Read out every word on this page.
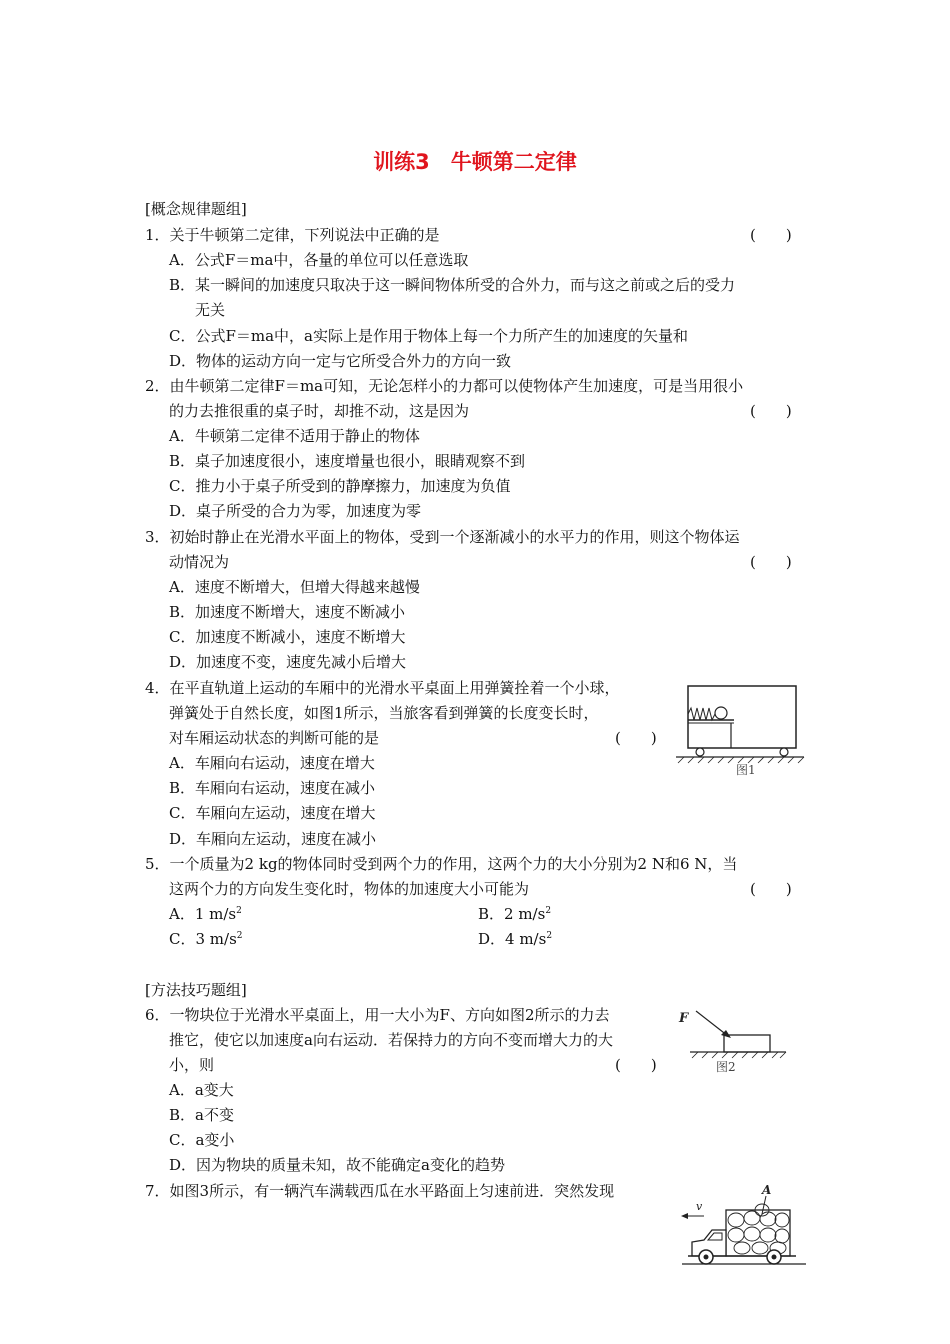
训练3　牛顿第二定律
[概念规律题组]
1．关于牛顿第二定律，下列说法中正确的是	(　　)
A．公式F＝ma中，各量的单位可以任意选取
B．某一瞬间的加速度只取决于这一瞬间物体所受的合外力，而与这之前或之后的受力
无关
C．公式F＝ma中，a实际上是作用于物体上每一个力所产生的加速度的矢量和
D．物体的运动方向一定与它所受合外力的方向一致
2．由牛顿第二定律F＝ma可知，无论怎样小的力都可以使物体产生加速度，可是当用很小
的力去推很重的桌子时，却推不动，这是因为	(　　)
A．牛顿第二定律不适用于静止的物体
B．桌子加速度很小，速度增量也很小，眼睛观察不到
C．推力小于桌子所受到的静摩擦力，加速度为负值
D．桌子所受的合力为零，加速度为零
3．初始时静止在光滑水平面上的物体，受到一个逐渐减小的水平力的作用，则这个物体运
动情况为	(　　)
A．速度不断增大，但增大得越来越慢
B．加速度不断增大，速度不断减小
C．加速度不断减小，速度不断增大
D．加速度不变，速度先减小后增大
4．在平直轨道上运动的车厢中的光滑水平桌面上用弹簧拴着一个小球，
弹簧处于自然长度，如图1所示，当旅客看到弹簧的长度变长时，
对车厢运动状态的判断可能的是	(　　)
A．车厢向右运动，速度在增大
B．车厢向右运动，速度在减小
C．车厢向左运动，速度在增大
D．车厢向左运动，速度在减小
图1
5．一个质量为2 kg的物体同时受到两个力的作用，这两个力的大小分别为2 N和6 N，当
这两个力的方向发生变化时，物体的加速度大小可能为	(　　)
A．1 $m/s^2$	B．2 $m/s^2$
C．3 $m/s^2$	D．4 $m/s^2$
[方法技巧题组]
6．一物块位于光滑水平桌面上，用一大小为F、方向如图2所示的力去
推它，使它以加速度a向右运动．若保持力的方向不变而增大力的大
小，则	(　　)
A．a变大
B．a不变
C．a变小
D．因为物块的质量未知，故不能确定a变化的趋势
F
图2
7．如图3所示，有一辆汽车满载西瓜在水平路面上匀速前进．突然发现	A
v
